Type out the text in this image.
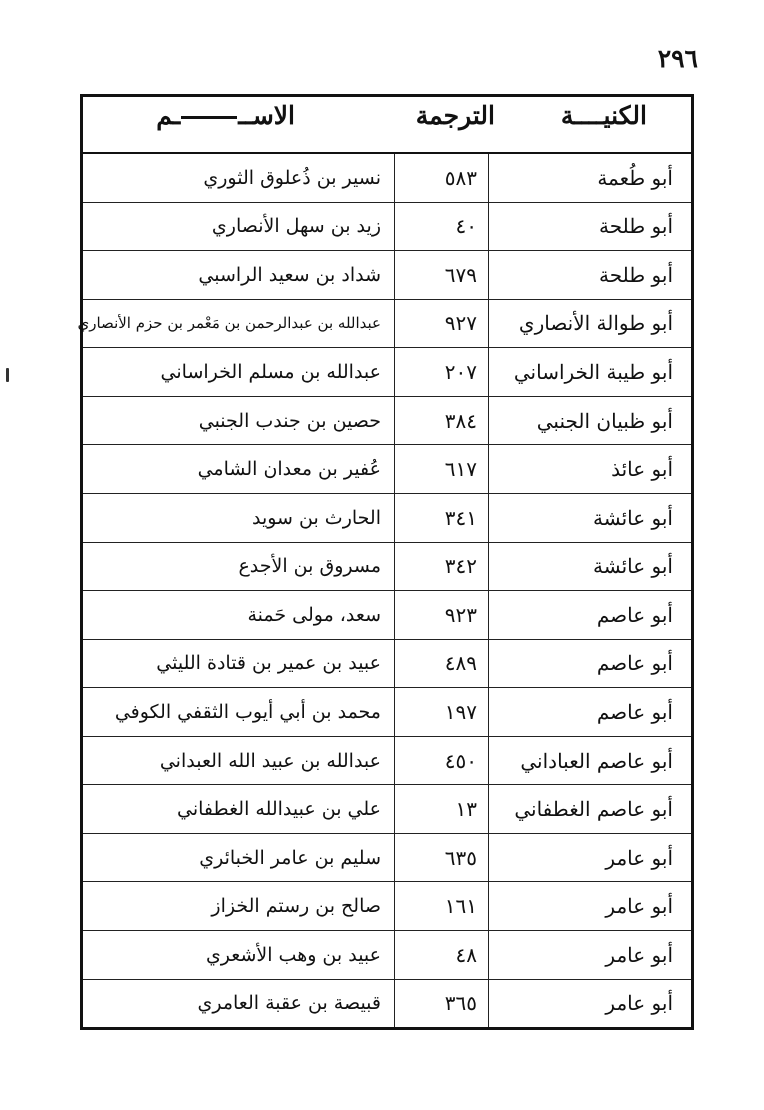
٢٩٦
الكنيــــة
الترجمة
الاســـم
أبو طُعمة
٥٨٣
نسير بن ذُعلوق الثوري
أبو طلحة
٤٠
زيد بن سهل الأنصاري
أبو طلحة
٦٧٩
شداد بن سعيد الراسبي
أبو طوالة الأنصاري
٩٢٧
عبدالله بن عبدالرحمن بن مَعْمر بن حزم الأنصاري
أبو طيبة الخراساني
٢٠٧
عبدالله بن مسلم الخراساني
أبو ظبيان الجنبي
٣٨٤
حصين بن جندب الجنبي
أبو عائذ
٦١٧
عُفير بن معدان الشامي
أبو عائشة
٣٤١
الحارث بن سويد
أبو عائشة
٣٤٢
مسروق بن الأجدع
أبو عاصم
٩٢٣
سعد، مولى حَمنة
أبو عاصم
٤٨٩
عبيد بن عمير بن قتادة الليثي
أبو عاصم
١٩٧
محمد بن أبي أيوب الثقفي الكوفي
أبو عاصم العباداني
٤٥٠
عبدالله بن عبيد الله العبداني
أبو عاصم الغطفاني
١٣
علي بن عبيدالله الغطفاني
أبو عامر
٦٣٥
سليم بن عامر الخبائري
أبو عامر
١٦١
صالح بن رستم الخزاز
أبو عامر
٤٨
عبيد بن وهب الأشعري
أبو عامر
٣٦٥
قبيصة بن عقبة العامري
